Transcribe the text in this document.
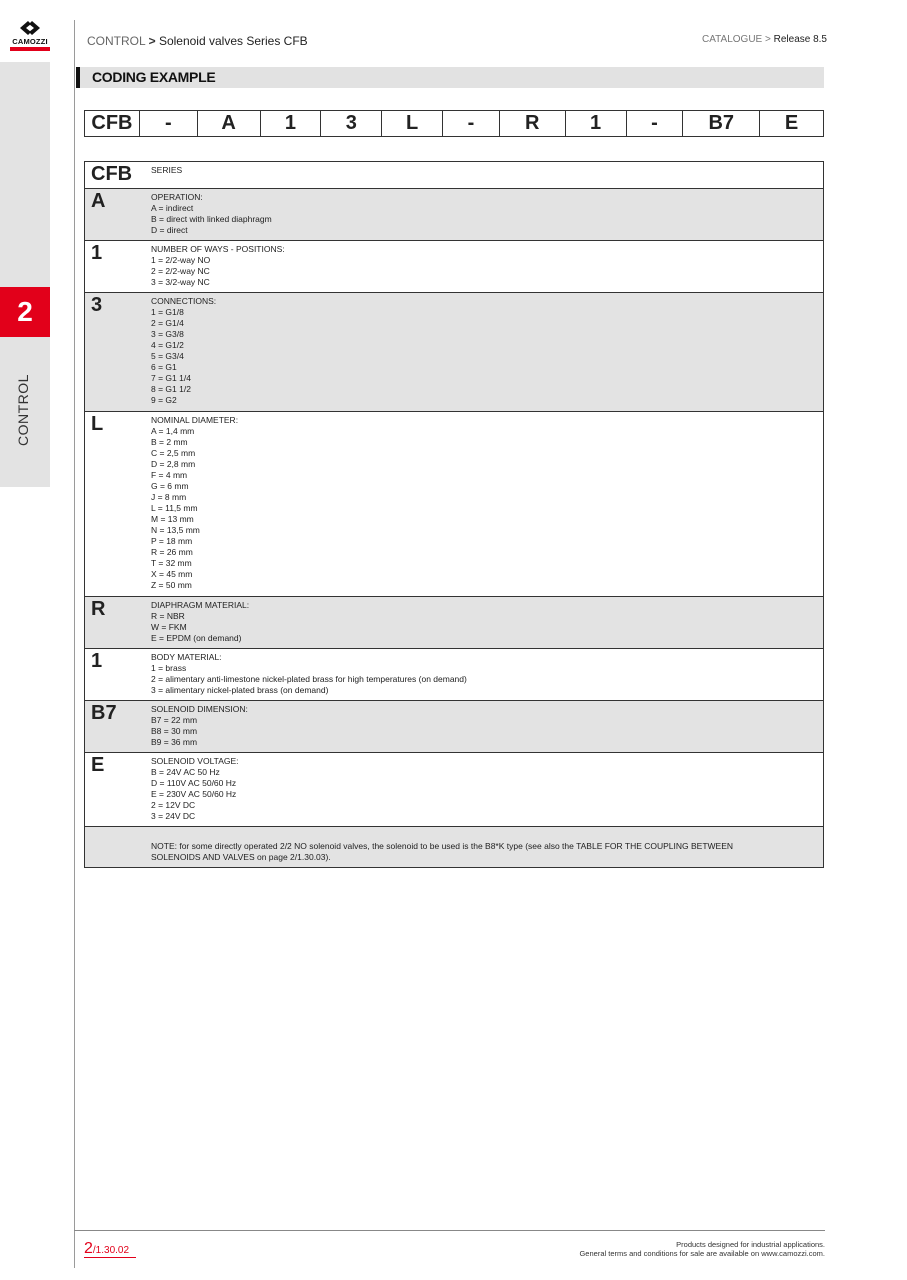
CAMOZZI
2
CONTROL
CONTROL > Solenoid valves Series CFB	CATALOGUE > Release 8.5
CODING EXAMPLE
CFB	-	A	1	3	L	-	R	1	-	B7	E
CFB	SERIES
A	OPERATION:
A = indirect
B = direct with linked diaphragm
D = direct
1	NUMBER OF WAYS - POSITIONS:
1 = 2/2-way NO
2 = 2/2-way NC
3 = 3/2-way NC
3	CONNECTIONS:
1 = G1/8
2 = G1/4
3 = G3/8
4 = G1/2
5 = G3/4
6 = G1
7 = G1 1/4
8 = G1 1/2
9 = G2
L	NOMINAL DIAMETER:
A = 1,4 mm
B = 2 mm
C = 2,5 mm
D = 2,8 mm
F = 4 mm
G = 6 mm
J = 8 mm
L = 11,5 mm
M = 13 mm
N = 13,5 mm
P = 18 mm
R = 26 mm
T = 32 mm
X = 45 mm
Z = 50 mm
R	DIAPHRAGM MATERIAL:
R = NBR
W = FKM
E = EPDM (on demand)
1	BODY MATERIAL:
1 = brass
2 = alimentary anti-limestone nickel-plated brass for high temperatures (on demand)
3 = alimentary nickel-plated brass (on demand)
B7	SOLENOID DIMENSION:
B7 = 22 mm
B8 = 30 mm
B9 = 36 mm
E	SOLENOID VOLTAGE:
B = 24V AC 50 Hz
D = 110V AC 50/60 Hz
E = 230V AC 50/60 Hz
2 = 12V DC
3 = 24V DC
NOTE: for some directly operated 2/2 NO solenoid valves, the solenoid to be used is the B8*K type (see also the TABLE FOR THE COUPLING BETWEEN SOLENOIDS AND VALVES on page 2/1.30.03).
2/1.30.02
Products designed for industrial applications.
General terms and conditions for sale are available on www.camozzi.com.
